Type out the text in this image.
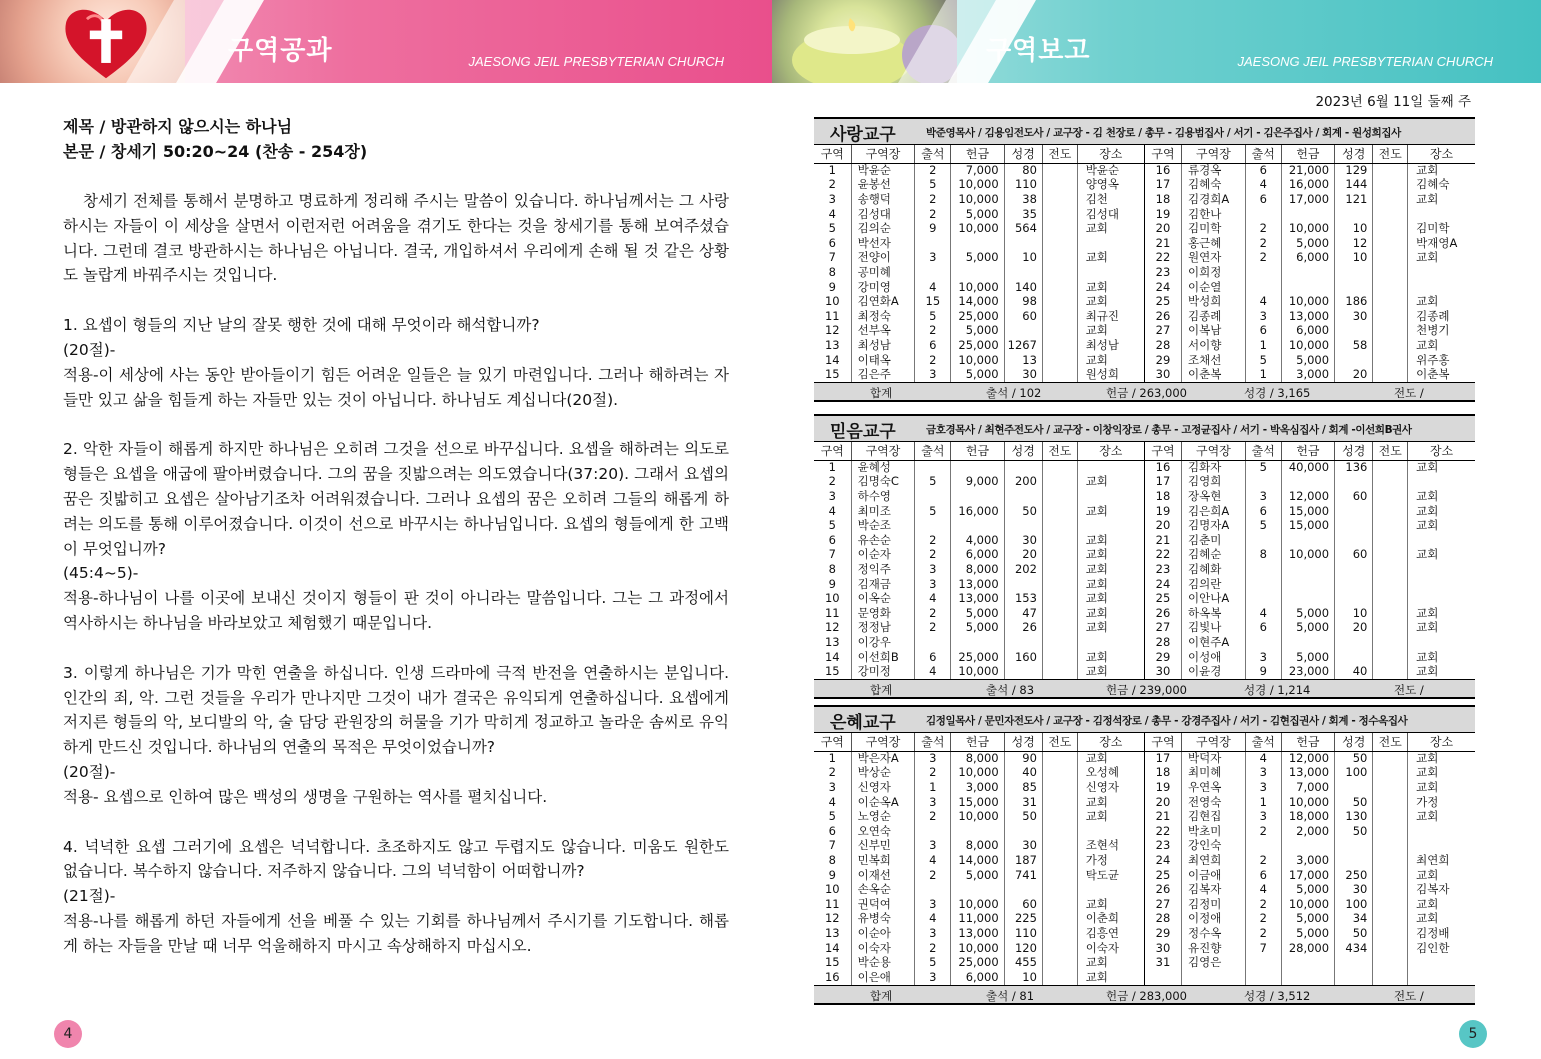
구역공과	JAESONG JEIL PRESBYTERIAN CHURCH	구역보고	JAESONG JEIL PRESBYTERIAN CHURCH
제목 / 방관하지 않으시는 하나님
본문 / 창세기 50:20~24 (찬송 - 254장)

창세기 전체를 통해서 분명하고 명료하게 정리해 주시는 말씀이 있습니다. 하나님께서는 그 사랑하시는 자들이 이 세상을 살면서 이런저런 어려움을 겪기도 한다는 것을 창세기를 통해 보여주셨습니다. 그런데 결코 방관하시는 하나님은 아닙니다. 결국, 개입하셔서 우리에게 손해 될 것 같은 상황도 놀랍게 바꿔주시는 것입니다.

1. 요셉이 형들의 지난 날의 잘못 행한 것에 대해 무엇이라 해석합니까?

(20절)-

적용-이 세상에 사는 동안 받아들이기 힘든 어려운 일들은 늘 있기 마련입니다. 그러나 해하려는 자들만 있고 삶을 힘들게 하는 자들만 있는 것이 아닙니다. 하나님도 계십니다(20절).

2. 악한 자들이 해롭게 하지만 하나님은 오히려 그것을 선으로 바꾸십니다. 요셉을 해하려는 의도로 형들은 요셉을 애굽에 팔아버렸습니다. 그의 꿈을 짓밟으려는 의도였습니다(37:20). 그래서 요셉의 꿈은 짓밟히고 요셉은 살아남기조차 어려워졌습니다. 그러나 요셉의 꿈은 오히려 그들의 해롭게 하려는 의도를 통해 이루어졌습니다. 이것이 선으로 바꾸시는 하나님입니다. 요셉의 형들에게 한 고백이 무엇입니까?

(45:4~5)-

적용-하나님이 나를 이곳에 보내신 것이지 형들이 판 것이 아니라는 말씀입니다. 그는 그 과정에서 역사하시는 하나님을 바라보았고 체험했기 때문입니다.

3. 이렇게 하나님은 기가 막힌 연출을 하십니다. 인생 드라마에 극적 반전을 연출하시는 분입니다. 인간의 죄, 악. 그런 것들을 우리가 만나지만 그것이 내가 결국은 유익되게 연출하십니다. 요셉에게 저지른 형들의 악, 보디발의 악, 술 담당 관원장의 허물을 기가 막히게 정교하고 놀라운 솜씨로 유익하게 만드신 것입니다. 하나님의 연출의 목적은 무엇이었습니까?

(20절)-

적용- 요셉으로 인하여 많은 백성의 생명을 구원하는 역사를 펼치십니다.

4. 넉넉한 요셉 그러기에 요셉은 넉넉합니다. 초조하지도 않고 두렵지도 않습니다. 미움도 원한도 없습니다. 복수하지 않습니다. 저주하지 않습니다. 그의 넉넉함이 어떠합니까?

(21절)-

적용-나를 해롭게 하던 자들에게 선을 베풀 수 있는 기회를 하나님께서 주시기를 기도합니다. 해롭게 하는 자들을 만날 때 너무 억울해하지 마시고 속상해하지 마십시오.

4	5
2023년 6월 11일 둘째 주
사랑교구	박준영목사 / 김용임전도사 / 교구장 - 김 천장로 / 총무 - 김용범집사 / 서기 - 김은주집사 / 회계 - 원성희집사
구역	구역장	출석	헌금	성경	전도	장소	구역	구역장	출석	헌금	성경	전도	장소
1	박윤순	2	7,000	80		박윤순	16	류경옥	6	21,000	129		교회
2	윤봉선	5	10,000	110		양영옥	17	김혜숙	4	16,000	144		김혜숙
3	송행덕	2	10,000	38		김천	18	김경희A	6	17,000	121		교회
4	김성대	2	5,000	35		김성대	19	김한나					
5	김의순	9	10,000	564		교회	20	김미학	2	10,000	10		김미학
6	박선자						21	홍근혜	2	5,000	12		박재영A
7	전양이	3	5,000	10		교회	22	원연자	2	6,000	10		교회
8	공미혜						23	이희정					
9	강미영	4	10,000	140		교회	24	이순열					
10	김연화A	15	14,000	98		교회	25	박성희	4	10,000	186		교회
11	최정숙	5	25,000	60		최규진	26	김종례	3	13,000	30		김종례
12	선부옥	2	5,000			교회	27	이복남	6	6,000			천병기
13	최성남	6	25,000	1267		최성남	28	서이향	1	10,000	58		교회
14	이태옥	2	10,000	13		교회	29	조채선	5	5,000			위주홍
15	김은주	3	5,000	30		원성희	30	이춘복	1	3,000	20		이춘복
합계	출석 / 102	헌금 / 263,000	성경 / 3,165	전도 /
믿음교구	금호경목사 / 최현주전도사 / 교구장 - 이창익장로 / 총무 - 고정균집사 / 서기 - 박옥심집사 / 회계 -이선희B권사
구역	구역장	출석	헌금	성경	전도	장소	구역	구역장	출석	헌금	성경	전도	장소
1	윤혜성						16	김화자	5	40,000	136		교회
2	김명숙C	5	9,000	200		교회	17	김영희					
3	하수영						18	장옥현	3	12,000	60		교회
4	최미조	5	16,000	50		교회	19	김은희A	6	15,000			교회
5	박순조						20	김명자A	5	15,000			교회
6	유손순	2	4,000	30		교회	21	김춘미					
7	이순자	2	6,000	20		교회	22	김혜순	8	10,000	60		교회
8	정익주	3	8,000	202		교회	23	김혜화					
9	김재금	3	13,000			교회	24	김의란					
10	이옥순	4	13,000	153		교회	25	이안나A					
11	문영화	2	5,000	47		교회	26	하옥복	4	5,000	10		교회
12	정정남	2	5,000	26		교회	27	김빛나	6	5,000	20		교회
13	이강우						28	이현주A					
14	이선희B	6	25,000	160		교회	29	이성애	3	5,000			교회
15	강미정	4	10,000			교회	30	이윤경	9	23,000	40		교회
합계	출석 / 83	헌금 / 239,000	성경 / 1,214	전도 /
은혜교구	김정일목사 / 문민자전도사 / 교구장 - 김정석장로 / 총무 - 강경주집사 / 서기 - 김현집권사 / 회계 - 정수옥집사
구역	구역장	출석	헌금	성경	전도	장소	구역	구역장	출석	헌금	성경	전도	장소
1	박은자A	3	8,000	90		교회	17	박덕자	4	12,000	50		교회
2	박상순	2	10,000	40		오성혜	18	최미혜	3	13,000	100		교회
3	신영자	1	3,000	85		신영자	19	우연옥	3	7,000			교회
4	이순옥A	3	15,000	31		교회	20	전영숙	1	10,000	50		가정
5	노영순	2	10,000	50		교회	21	김현집	3	18,000	130		교회
6	오연숙						22	박초미	2	2,000	50		
7	신부민	3	8,000	30		조현석	23	강인숙					
8	민복희	4	14,000	187		가정	24	최연희	2	3,000			최연희
9	이재선	2	5,000	741		탁도균	25	이금애	6	17,000	250		교회
10	손옥순						26	김복자	4	5,000	30		김복자
11	권덕여	3	10,000	60		교회	27	김정미	2	10,000	100		교회
12	유병숙	4	11,000	225		이춘희	28	이정애	2	5,000	34		교회
13	이순아	3	13,000	110		김흥연	29	정수옥	2	5,000	50		김정배
14	이숙자	2	10,000	120		이숙자	30	유진향	7	28,000	434		김인한
15	박순용	5	25,000	455		교회	31	김영은					
16	이은애	3	6,000	10		교회							
합계	출석 / 81	헌금 / 283,000	성경 / 3,512	전도 /
